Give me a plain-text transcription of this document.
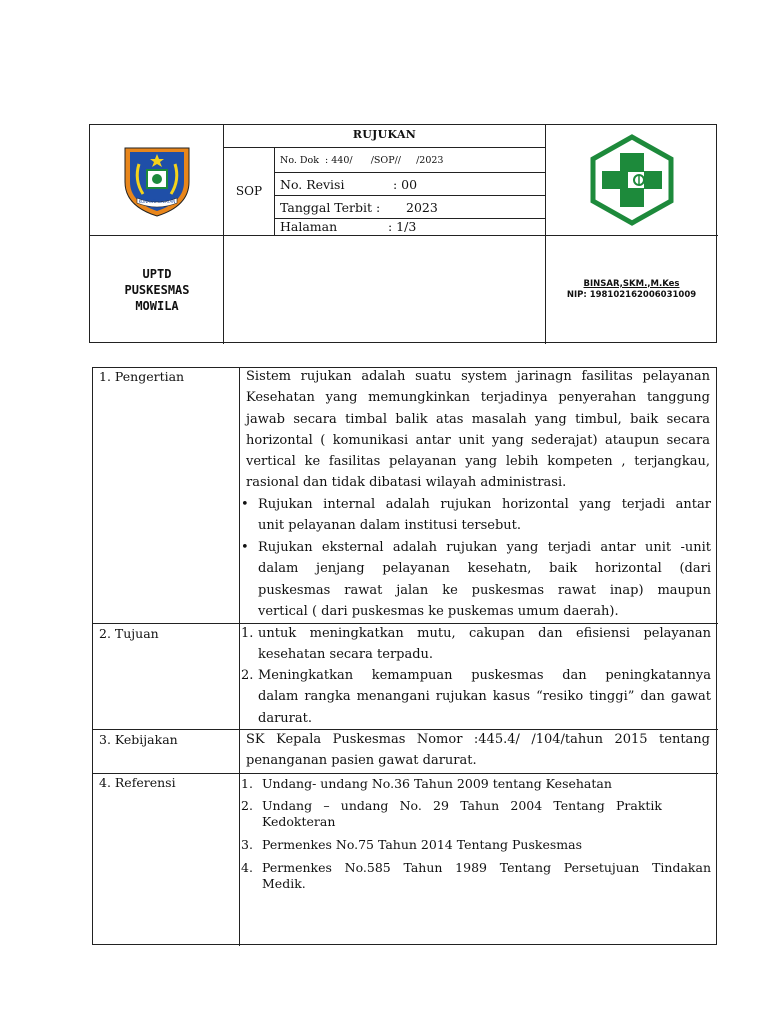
KONAWE SELATAN
RUJUKAN
SOP
No. Dok  : 440/      /SOP//     /2023
No. Revisi	: 00
Tanggal Terbit :	2023
Halaman	: 1/3
UPTD
PUSKESMAS
MOWILA
BINSAR,SKM.,M.Kes
NIP: 198102162006031009
1. Pengertian	Sistem rujukan adalah suatu system jarinagn fasilitas pelayanan
Kesehatan yang memungkinkan terjadinya penyerahan tanggung
jawab secara timbal balik atas masalah yang timbul, baik secara
horizontal ( komunikasi antar unit yang sederajat) ataupun secara
vertical ke fasilitas pelayanan yang lebih kompeten , terjangkau,
rasional dan tidak dibatasi wilayah administrasi.
• Rujukan internal adalah rujukan horizontal yang terjadi antar
unit pelayanan dalam institusi tersebut.
• Rujukan eksternal adalah rujukan yang terjadi antar unit -unit
dalam jenjang pelayanan kesehatn, baik horizontal (dari
puskesmas rawat jalan ke puskesmas rawat inap) maupun
vertical ( dari puskesmas ke puskemas umum daerah).
2. Tujuan	1. untuk meningkatkan mutu, cakupan dan efisiensi pelayanan
kesehatan secara terpadu.
2. Meningkatkan kemampuan puskesmas dan peningkatannya
dalam rangka menangani rujukan kasus “resiko tinggi” dan gawat
darurat.
3. Kebijakan	SK Kepala Puskesmas Nomor :445.4/ /104/tahun 2015 tentang
penanganan pasien gawat darurat.
4. Referensi	1. Undang- undang No.36 Tahun 2009 tentang Kesehatan
2. Undang – undang No. 29 Tahun 2004 Tentang Praktik
Kedokteran
3. Permenkes No.75 Tahun 2014 Tentang Puskesmas
4. Permenkes No.585 Tahun 1989 Tentang Persetujuan Tindakan
Medik.
